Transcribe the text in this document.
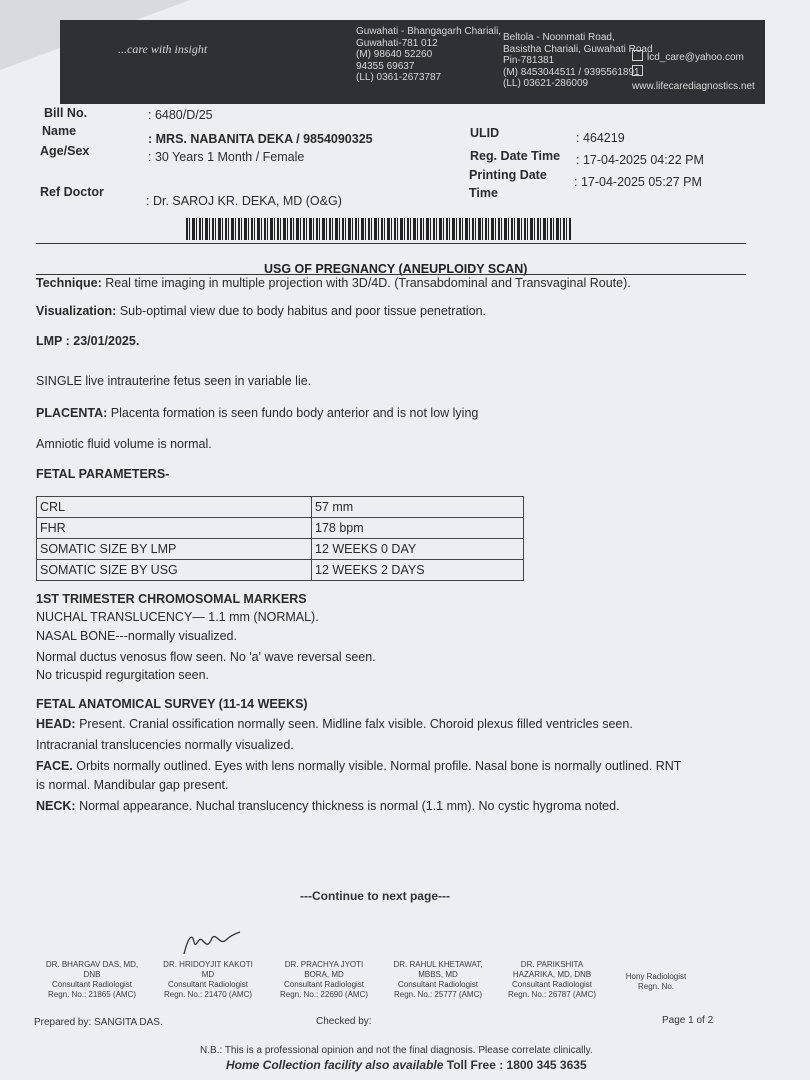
...care with insight
Guwahati - Bhangagarh Chariali,
Guwahati-781 012
(M) 98640 52260
94355 69637
(LL) 0361-2673787
Beltola - Noonmati Road,
Basistha Chariali, Guwahati Road
Pin-781381
(M) 8453044511 / 9395561891
(LL) 03621-286009
lcd_care@yahoo.com
www.lifecarediagnostics.net
Bill No.	: 6480/D/25
Name
: MRS. NABANITA DEKA / 9854090325
Age/Sex	: 30 Years 1 Month / Female
Ref Doctor
: Dr. SAROJ KR. DEKA, MD (O&G)
ULID	: 464219
Reg. Date Time : 17-04-2025 04:22 PM
Printing Date
Time
: 17-04-2025 05:27 PM
USG OF PREGNANCY (ANEUPLOIDY SCAN)
Technique: Real time imaging in multiple projection with 3D/4D. (Transabdominal and Transvaginal Route).
Visualization: Sub-optimal view due to body habitus and poor tissue penetration.
LMP : 23/01/2025.
SINGLE live intrauterine fetus seen in variable lie.
PLACENTA: Placenta formation is seen fundo body anterior and is not low lying
Amniotic fluid volume is normal.
FETAL PARAMETERS-
CRL	57 mm
FHR	178 bpm
SOMATIC SIZE BY LMP	12 WEEKS 0 DAY
SOMATIC SIZE BY USG	12 WEEKS 2 DAYS
1ST TRIMESTER CHROMOSOMAL MARKERS
NUCHAL TRANSLUCENCY— 1.1 mm (NORMAL).
NASAL BONE---normally visualized.
Normal ductus venosus flow seen. No 'a' wave reversal seen.
No tricuspid regurgitation seen.
FETAL ANATOMICAL SURVEY (11-14 WEEKS)
HEAD: Present. Cranial ossification normally seen. Midline falx visible. Choroid plexus filled ventricles seen.
Intracranial translucencies normally visualized.
FACE. Orbits normally outlined. Eyes with lens normally visible. Normal profile. Nasal bone is normally outlined. RNT
is normal. Mandibular gap present.
NECK: Normal appearance. Nuchal translucency thickness is normal (1.1 mm). No cystic hygroma noted.
---Continue to next page---
DR. BHARGAV DAS, MD,
DNB
Consultant Radiologist
Regn. No.: 21865 (AMC)
DR. HRIDOYJIT KAKOTI
MD
Consultant Radiologist
Regn. No.: 21470 (AMC)
DR. PRACHYA JYOTI
BORA, MD
Consultant Radiologist
Regn. No.: 22690 (AMC)
DR. RAHUL KHETAWAT,
MBBS, MD
Consultant Radiologist
Regn. No.: 25777 (AMC)
DR. PARIKSHITA
HAZARIKA, MD, DNB
Consultant Radiologist
Regn. No.: 26787 (AMC)
Hony Radiologist
Regn. No.
Prepared by: SANGITA DAS.	Checked by:	Page 1 of 2
N.B.: This is a professional opinion and not the final diagnosis. Please correlate clinically.
Home Collection facility also available Toll Free : 1800 345 3635
